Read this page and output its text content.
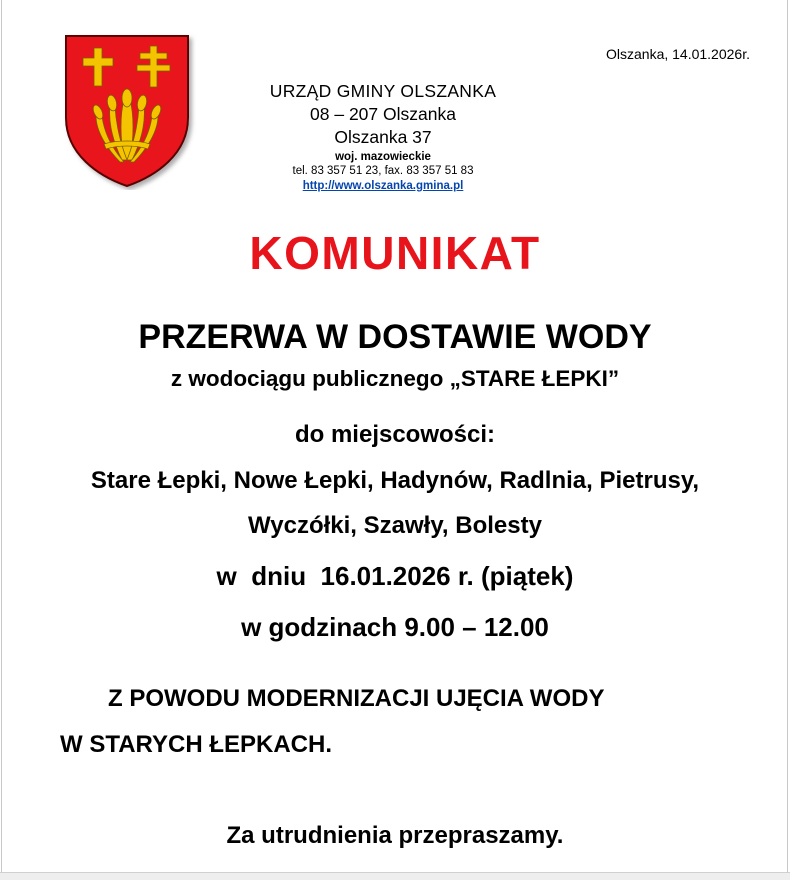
Olszanka, 14.01.2026r.
URZĄD GMINY OLSZANKA
08 – 207 Olszanka
Olszanka 37
woj. mazowieckie
tel. 83 357 51 23, fax. 83 357 51 83
http://www.olszanka.gmina.pl
KOMUNIKAT
PRZERWA W DOSTAWIE WODY
z wodociągu publicznego „STARE ŁEPKI”
do miejscowości:
Stare Łepki, Nowe Łepki, Hadynów, Radlnia, Pietrusy,
Wyczółki, Szawły, Bolesty
w  dniu  16.01.2026 r. (piątek)
w godzinach 9.00 – 12.00
Z POWODU MODERNIZACJI UJĘCIA WODY
W STARYCH ŁEPKACH.
Za utrudnienia przepraszamy.
